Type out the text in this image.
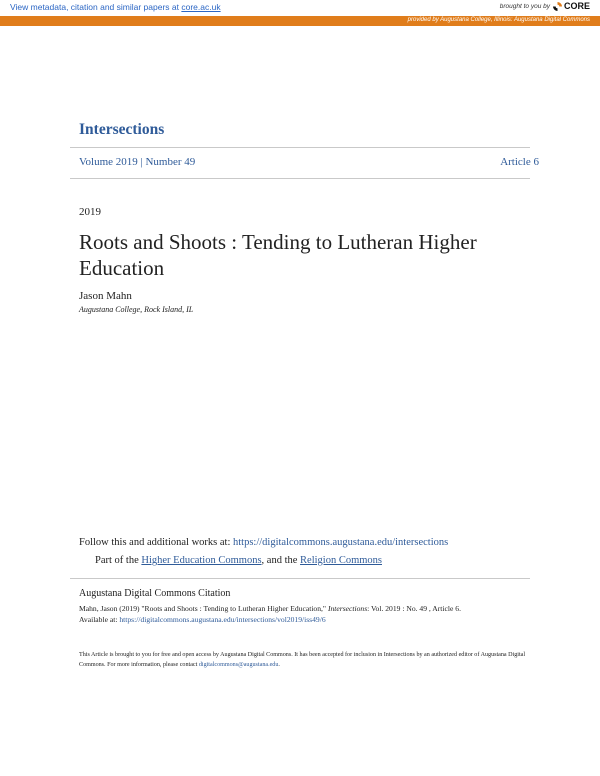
View metadata, citation and similar papers at core.ac.uk	brought to you by CORE
provided by Augustana College, Illinois: Augustana Digital Commons
Intersections
Volume 2019 | Number 49	Article 6
2019
Roots and Shoots : Tending to Lutheran Higher Education
Jason Mahn
Augustana College, Rock Island, IL
Follow this and additional works at: https://digitalcommons.augustana.edu/intersections
Part of the Higher Education Commons, and the Religion Commons
Augustana Digital Commons Citation
Mahn, Jason (2019) "Roots and Shoots : Tending to Lutheran Higher Education," Intersections: Vol. 2019 : No. 49 , Article 6.
Available at: https://digitalcommons.augustana.edu/intersections/vol2019/iss49/6
This Article is brought to you for free and open access by Augustana Digital Commons. It has been accepted for inclusion in Intersections by an authorized editor of Augustana Digital Commons. For more information, please contact digitalcommons@augustana.edu.
